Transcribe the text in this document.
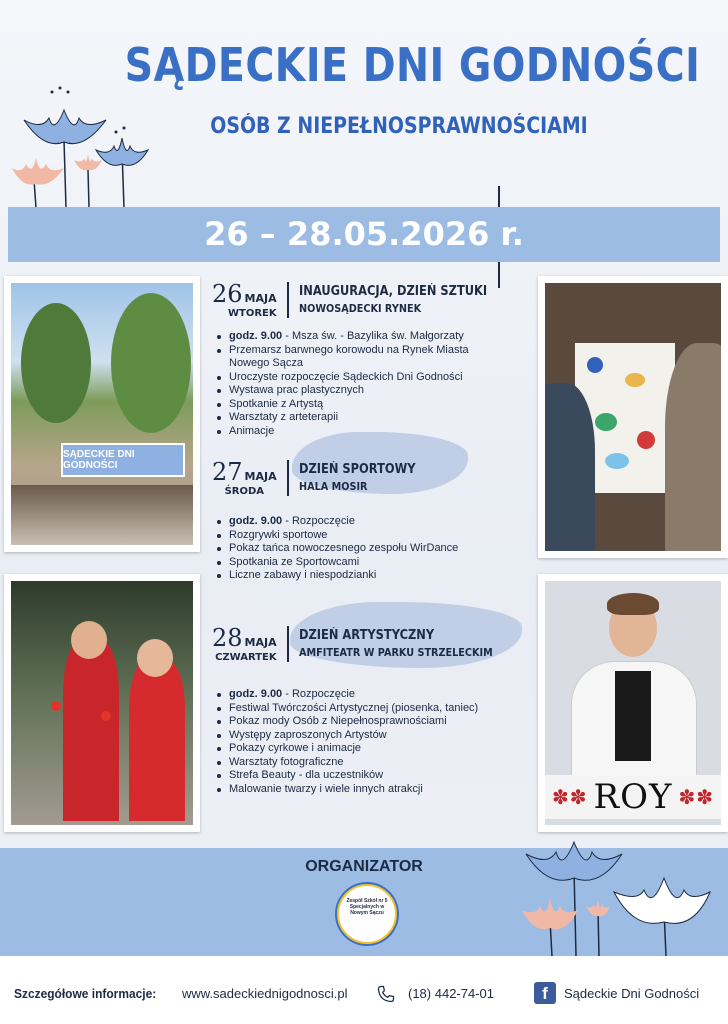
SĄDECKIE DNI GODNOŚCI
OSÓB Z NIEPEŁNOSPRAWNOŚCIAMI
26 – 28.05.2026 r.
SĄDECKIE DNI GODNOŚCI
✽✽ ROY ✽✽
26 MAJA
WTOREK
INAUGURACJA, DZIEŃ SZTUKI
NOWOSĄDECKI RYNEK
godz. 9.00 - Msza św. - Bazylika św. Małgorzaty
Przemarsz barwnego korowodu na Rynek Miasta Nowego Sącza
Uroczyste rozpoczęcie Sądeckich Dni Godności
Wystawa prac plastycznych
Spotkanie z Artystą
Warsztaty z arteterapii
Animacje
27 MAJA
ŚRODA
DZIEŃ SPORTOWY
HALA MOSIR
godz. 9.00 - Rozpoczęcie
Rozgrywki sportowe
Pokaz tańca nowoczesnego zespołu WirDance
Spotkania ze Sportowcami
Liczne zabawy i niespodzianki
28 MAJA
CZWARTEK
DZIEŃ ARTYSTYCZNY
AMFITEATR W PARKU STRZELECKIM
godz. 9.00 - Rozpoczęcie
Festiwal Twórczości Artystycznej (piosenka, taniec)
Pokaz mody Osób z Niepełnosprawnościami
Występy zaproszonych Artystów
Pokazy cyrkowe i animacje
Warsztaty fotograficzne
Strefa Beauty - dla uczestników
Malowanie twarzy i wiele innych atrakcji
ORGANIZATOR
Zespół Szkół nr 5 Specjalnych w Nowym Sączu
Szczegółowe informacje: www.sadeckiednigodnosci.pl	(18) 442-74-01	f	Sądeckie Dni Godności
